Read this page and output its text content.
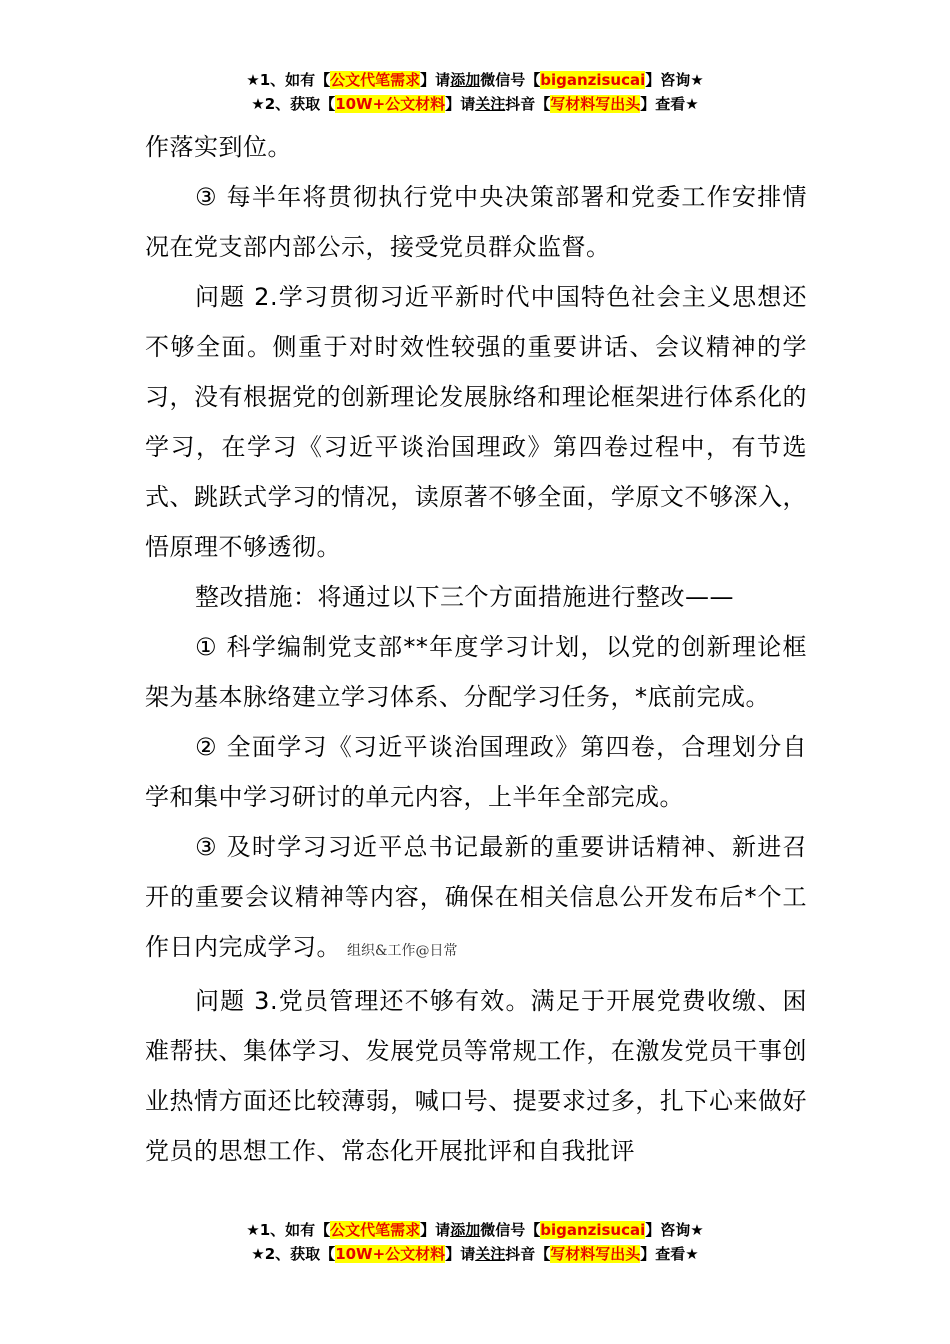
★1、如有【公文代笔需求】请添加微信号【biganzisucai】咨询★
★2、获取【10W+公文材料】请关注抖音【写材料写出头】查看★

作落实到位。

③ 每半年将贯彻执行党中央决策部署和党委工作安排情况在党支部内部公示，接受党员群众监督。

问题 2.学习贯彻习近平新时代中国特色社会主义思想还不够全面。侧重于对时效性较强的重要讲话、会议精神的学习，没有根据党的创新理论发展脉络和理论框架进行体系化的学习，在学习《习近平谈治国理政》第四卷过程中，有节选式、跳跃式学习的情况，读原著不够全面，学原文不够深入，悟原理不够透彻。

整改措施：将通过以下三个方面措施进行整改——

① 科学编制党支部**年度学习计划，以党的创新理论框架为基本脉络建立学习体系、分配学习任务，*底前完成。

② 全面学习《习近平谈治国理政》第四卷，合理划分自学和集中学习研讨的单元内容，上半年全部完成。

③ 及时学习习近平总书记最新的重要讲话精神、新进召开的重要会议精神等内容，确保在相关信息公开发布后*个工作日内完成学习。 组织&工作@日常

问题 3.党员管理还不够有效。满足于开展党费收缴、困难帮扶、集体学习、发展党员等常规工作，在激发党员干事创业热情方面还比较薄弱，喊口号、提要求过多，扎下心来做好党员的思想工作、常态化开展批评和自我批评

★1、如有【公文代笔需求】请添加微信号【biganzisucai】咨询★
★2、获取【10W+公文材料】请关注抖音【写材料写出头】查看★
